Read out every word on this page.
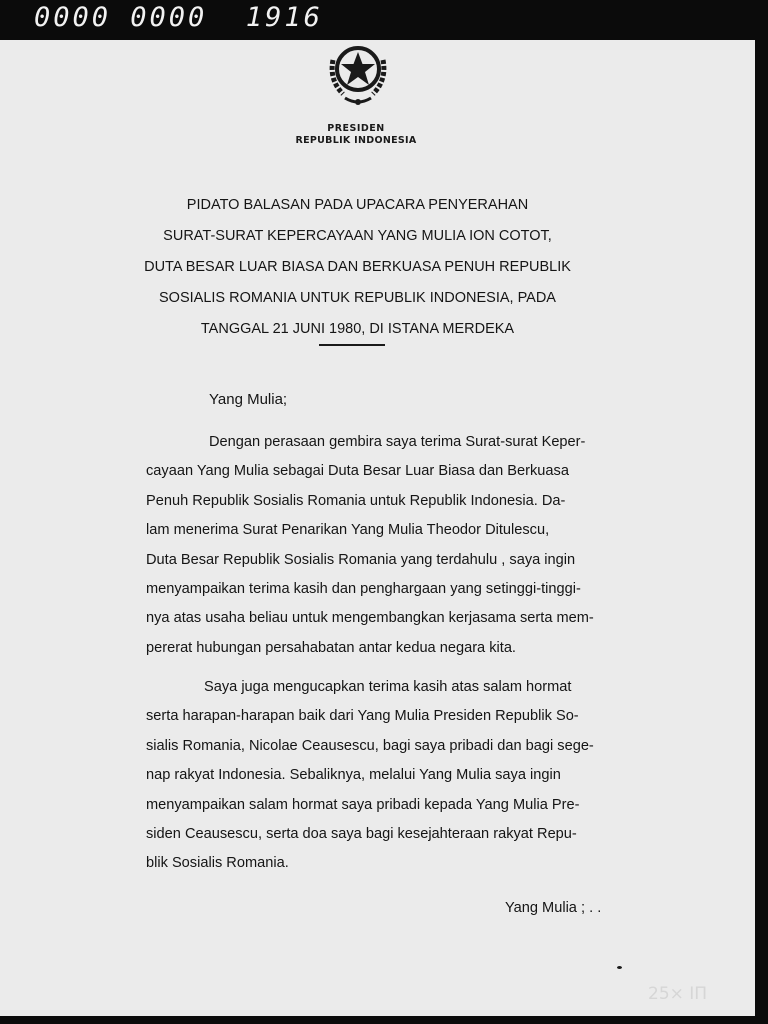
0000 0000  1916

PRESIDEN

REPUBLIK INDONESIA

PIDATO BALASAN PADA UPACARA PENYERAHAN
SURAT-SURAT KEPERCAYAAN YANG MULIA ION COTOT,
DUTA BESAR LUAR BIASA DAN BERKUASA PENUH REPUBLIK
SOSIALIS ROMANIA UNTUK REPUBLIK INDONESIA, PADA
TANGGAL 21 JUNI 1980, DI ISTANA MERDEKA

Yang Mulia;

Dengan perasaan gembira saya terima Surat-surat Keper-
cayaan Yang Mulia sebagai Duta Besar Luar Biasa dan Berkuasa
Penuh Republik Sosialis Romania untuk Republik Indonesia. Da-
lam menerima Surat Penarikan Yang Mulia Theodor Ditulescu,
Duta Besar Republik Sosialis Romania yang terdahulu , saya ingin
menyampaikan terima kasih dan penghargaan yang setinggi-tinggi-
nya atas usaha beliau untuk mengembangkan kerjasama serta mem-
pererat hubungan persahabatan antar kedua negara kita.
Saya juga mengucapkan terima kasih atas salam hormat
serta harapan-harapan baik dari Yang Mulia Presiden Republik So-
sialis Romania, Nicolae Ceausescu, bagi saya pribadi dan bagi sege-
nap rakyat Indonesia. Sebaliknya, melalui Yang Mulia saya ingin
menyampaikan salam hormat saya pribadi kepada Yang Mulia Pre-
siden Ceausescu, serta doa saya bagi kesejahteraan rakyat Repu-
blik Sosialis Romania.

Yang Mulia ; . .

25× IΠ
